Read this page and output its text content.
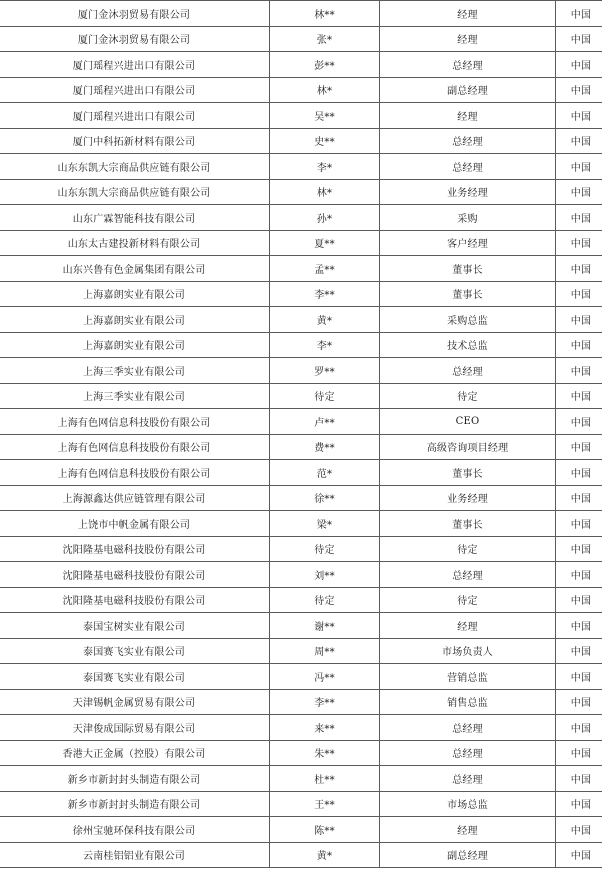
厦门金沐羽贸易有限公司	林**	经理	中国
厦门金沐羽贸易有限公司	张*	经理	中国
厦门瑶程兴进出口有限公司	彭**	总经理	中国
厦门瑶程兴进出口有限公司	林*	副总经理	中国
厦门瑶程兴进出口有限公司	吴**	经理	中国
厦门中科拓新材料有限公司	史**	总经理	中国
山东东凯大宗商品供应链有限公司	李*	总经理	中国
山东东凯大宗商品供应链有限公司	林*	业务经理	中国
山东广霖智能科技有限公司	孙*	采购	中国
山东太古建投新材料有限公司	夏**	客户经理	中国
山东兴鲁有色金属集团有限公司	孟**	董事长	中国
上海嘉朗实业有限公司	李**	董事长	中国
上海嘉朗实业有限公司	黄*	采购总监	中国
上海嘉朗实业有限公司	李*	技术总监	中国
上海三季实业有限公司	罗**	总经理	中国
上海三季实业有限公司	待定	待定	中国
上海有色网信息科技股份有限公司	卢**	CEO	中国
上海有色网信息科技股份有限公司	费**	高级咨询项目经理	中国
上海有色网信息科技股份有限公司	范*	董事长	中国
上海源鑫达供应链管理有限公司	徐**	业务经理	中国
上饶市中帆金属有限公司	梁*	董事长	中国
沈阳隆基电磁科技股份有限公司	待定	待定	中国
沈阳隆基电磁科技股份有限公司	刘**	总经理	中国
沈阳隆基电磁科技股份有限公司	待定	待定	中国
泰国宝树实业有限公司	谢**	经理	中国
泰国赛飞实业有限公司	周**	市场负责人	中国
泰国赛飞实业有限公司	冯**	营销总监	中国
天津锡帆金属贸易有限公司	李**	销售总监	中国
天津俊成国际贸易有限公司	来**	总经理	中国
香港大正金属（控股）有限公司	朱**	总经理	中国
新乡市新封封头制造有限公司	杜**	总经理	中国
新乡市新封封头制造有限公司	王**	市场总监	中国
徐州宝驰环保科技有限公司	陈**	经理	中国
云南桂铝铝业有限公司	黄*	副总经理	中国
